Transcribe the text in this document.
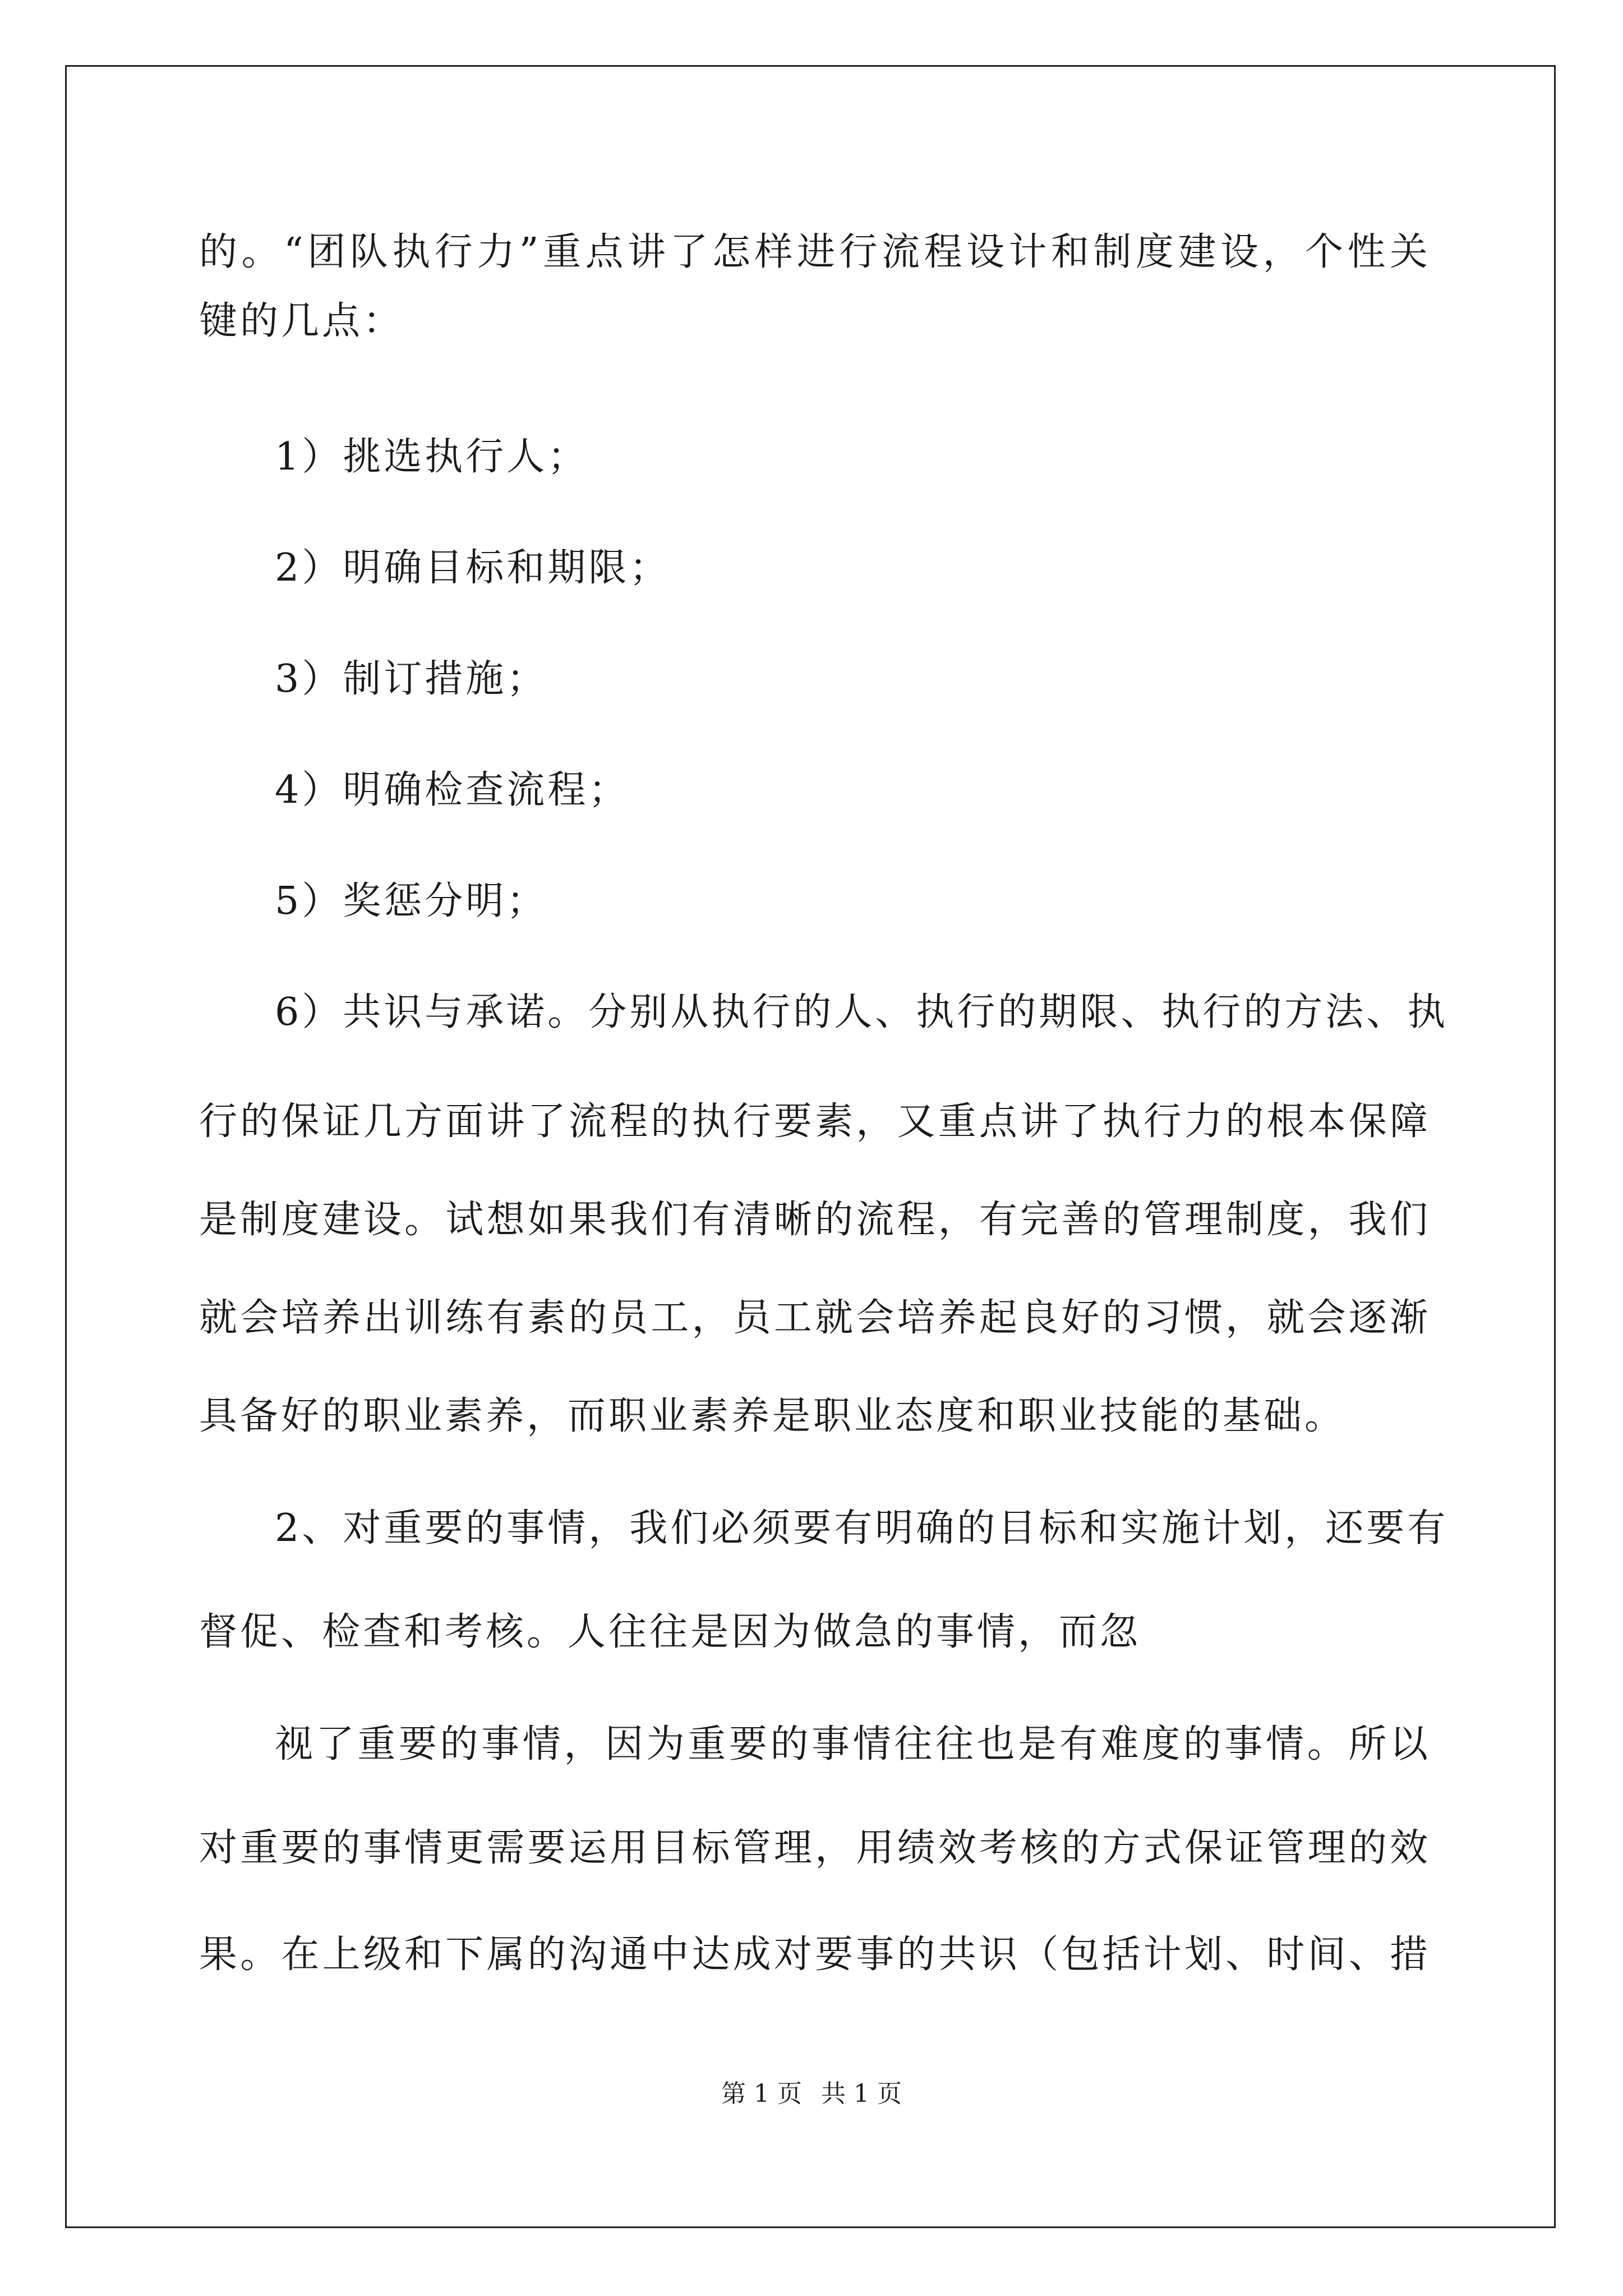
的。“团队执行力”重点讲了怎样进行流程设计和制度建设，个性关
键的几点：
1）挑选执行人；
2）明确目标和期限；
3）制订措施；
4）明确检查流程；
5）奖惩分明；
6）共识与承诺。分别从执行的人、执行的期限、执行的方法、执
行的保证几方面讲了流程的执行要素，又重点讲了执行力的根本保障
是制度建设。试想如果我们有清晰的流程，有完善的管理制度，我们
就会培养出训练有素的员工，员工就会培养起良好的习惯，就会逐渐
具备好的职业素养，而职业素养是职业态度和职业技能的基础。
2、对重要的事情，我们必须要有明确的目标和实施计划，还要有
督促、检查和考核。人往往是因为做急的事情，而忽
视了重要的事情，因为重要的事情往往也是有难度的事情。所以
对重要的事情更需要运用目标管理，用绩效考核的方式保证管理的效
果。在上级和下属的沟通中达成对要事的共识（包括计划、时间、措
第 1 页 共 1 页
